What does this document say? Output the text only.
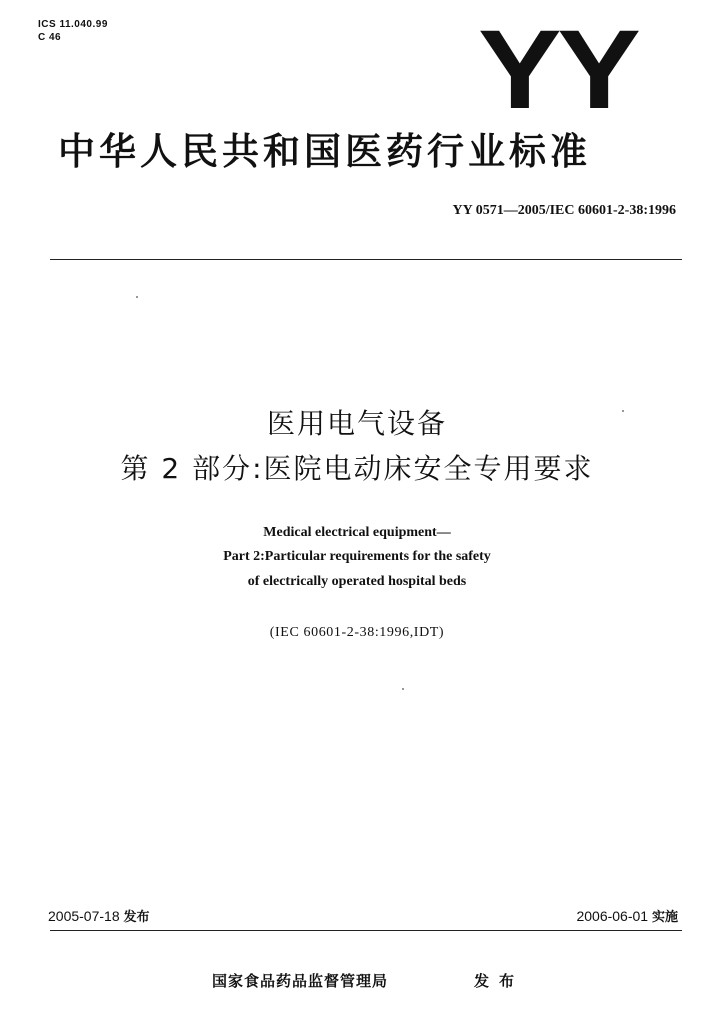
ICS 11.040.99
C 46	YY
中华人民共和国医药行业标准
YY 0571—2005/IEC 60601-2-38:1996
医用电气设备
第 2 部分:医院电动床安全专用要求
Medical electrical equipment—
Part 2:Particular requirements for the safety
of electrically operated hospital beds
(IEC 60601-2-38:1996,IDT)
2005-07-18 发布	2006-06-01 实施
国家食品药品监督管理局	发布
